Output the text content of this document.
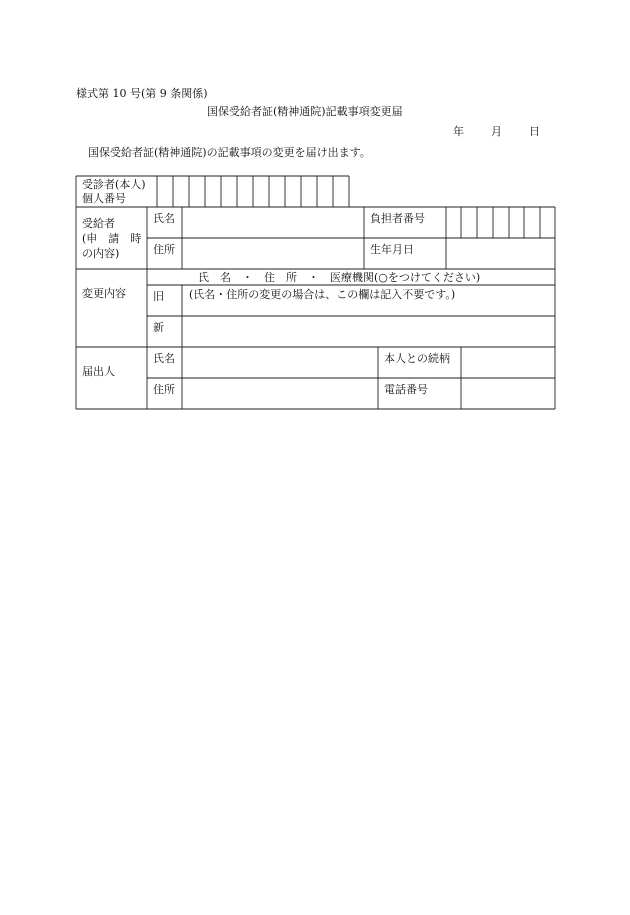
様式第 10 号(第 9 条関係)
国保受給者証(精神通院)記載事項変更届
年 月 日
国保受給者証(精神通院)の記載事項の変更を届け出ます。
受診者(本人)
個人番号
受給者
(申　請　時
の内容)
氏名
住所
負担者番号
生年月日
変更内容
氏　名　・　住　所　・　医療機関(○をつけてください)
旧 (氏名・住所の変更の場合は、この欄は記入不要です。)
新
届出人
氏名
住所
本人との続柄
電話番号
